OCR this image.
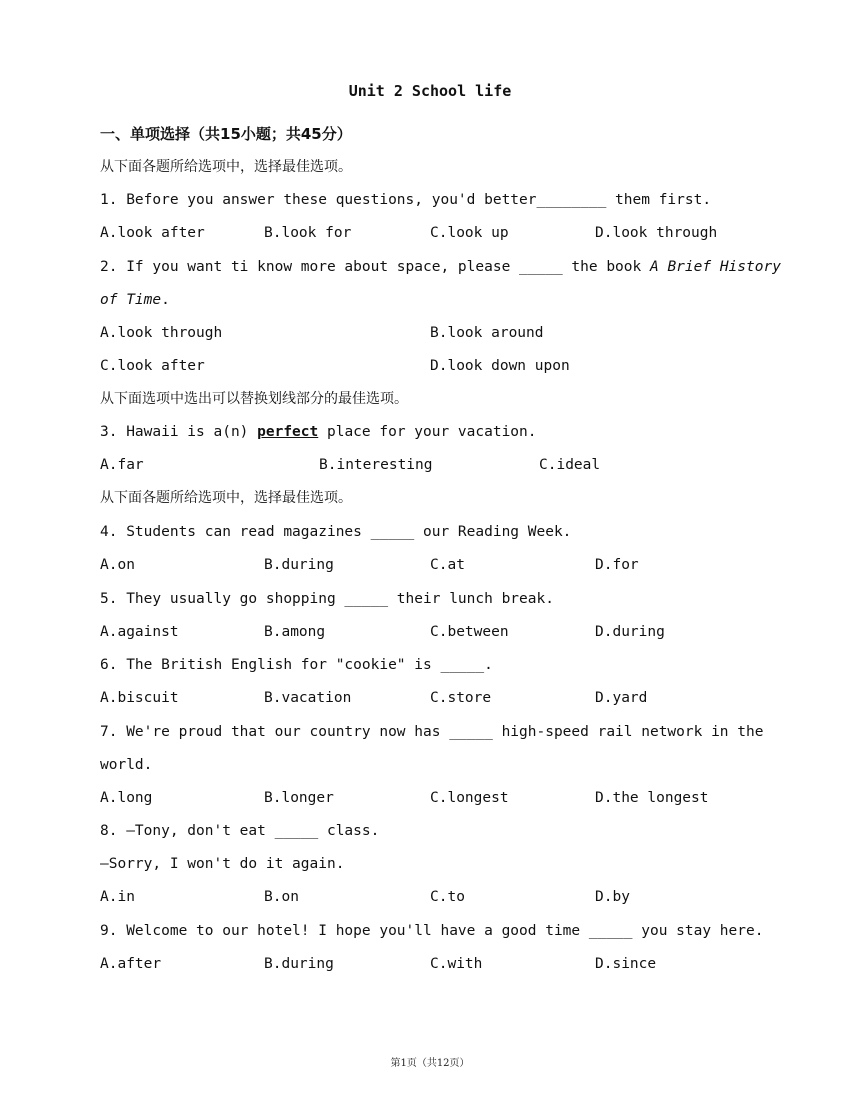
Unit 2 School life
一、单项选择（共15小题；共45分）
从下面各题所给选项中，选择最佳选项。
1. Before you answer these questions, you'd better________ them first.
A.look after	B.look for	C.look up	D.look through
2. If you want ti know more about space, please _____ the book A Brief History
of Time.
A.look through	B.look around
C.look after	D.look down upon
从下面选项中选出可以替换划线部分的最佳选项。
3. Hawaii is a(n) perfect place for your vacation.
A.far	B.interesting	C.ideal
从下面各题所给选项中，选择最佳选项。
4. Students can read magazines _____ our Reading Week.
A.on	B.during	C.at	D.for
5. They usually go shopping _____ their lunch break.
A.against	B.among	C.between	D.during
6. The British English for "cookie" is _____.
A.biscuit	B.vacation	C.store	D.yard
7. We're proud that our country now has _____ high-speed rail network in the
world.
A.long	B.longer	C.longest	D.the longest
8. —Tony, don't eat _____ class.
—Sorry, I won't do it again.
A.in	B.on	C.to	D.by
9. Welcome to our hotel! I hope you'll have a good time _____ you stay here.
A.after	B.during	C.with	D.since
第1页（共12页）
